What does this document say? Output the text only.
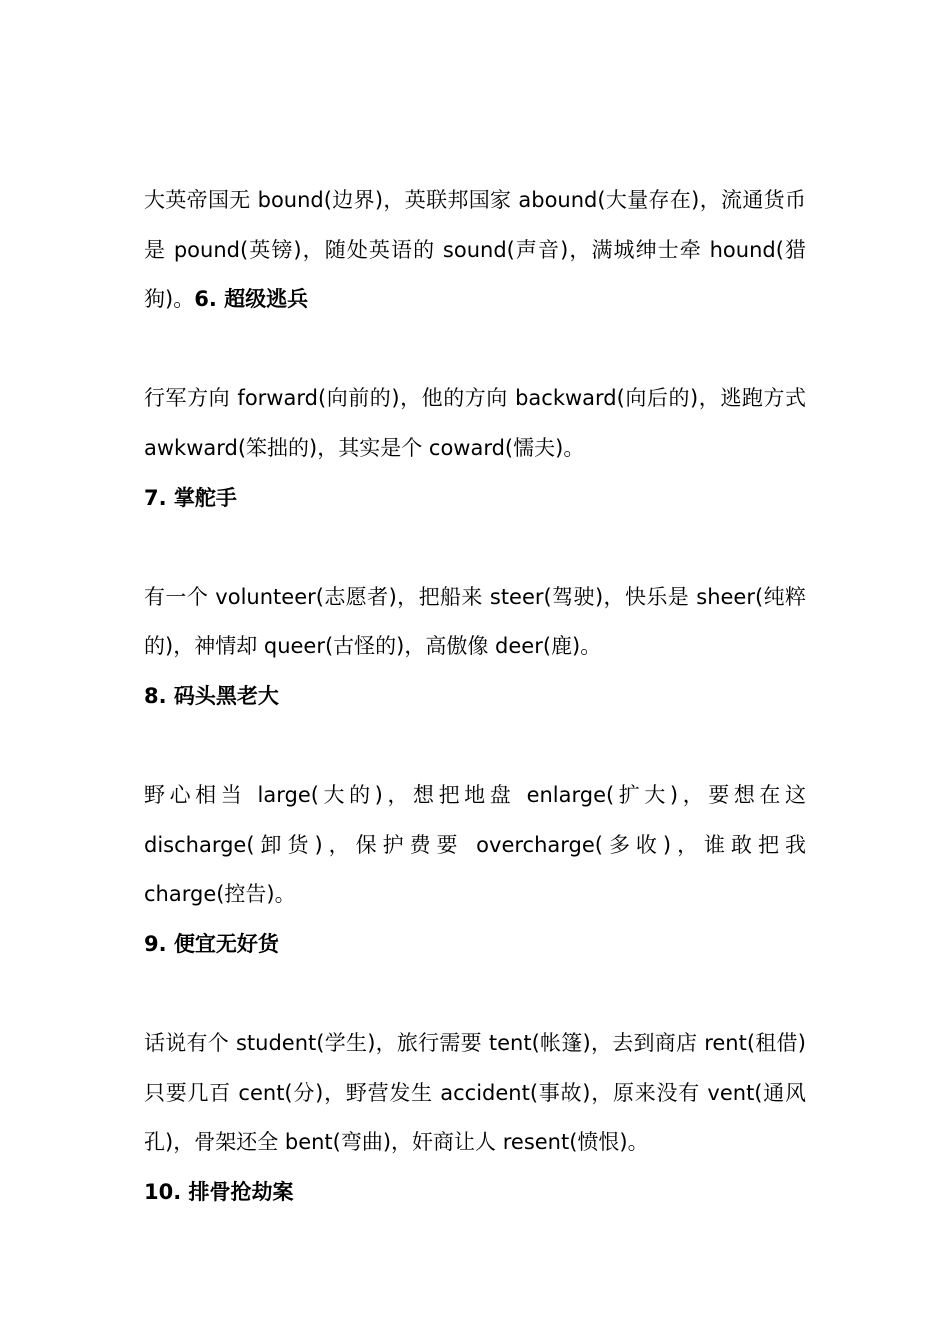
大英帝国无 bound(边界)，英联邦国家 abound(大量存在)，流通货币是 pound(英镑)，随处英语的 sound(声音)，满城绅士牵 hound(猎狗)。6. 超级逃兵

行军方向 forward(向前的)，他的方向 backward(向后的)，逃跑方式 awkward(笨拙的)，其实是个 coward(懦夫)。

7. 掌舵手

有一个 volunteer(志愿者)，把船来 steer(驾驶)，快乐是 sheer(纯粹的)，神情却 queer(古怪的)，高傲像 deer(鹿)。

8. 码头黑老大

野心相当 large(大的)，想把地盘 enlarge(扩大)，要想在这 discharge(卸货)，保护费要 overcharge(多收)，谁敢把我 charge(控告)。

9. 便宜无好货

话说有个 student(学生)，旅行需要 tent(帐篷)，去到商店 rent(租借)只要几百 cent(分)，野营发生 accident(事故)，原来没有 vent(通风孔)，骨架还全 bent(弯曲)，奸商让人 resent(愤恨)。

10. 排骨抢劫案
